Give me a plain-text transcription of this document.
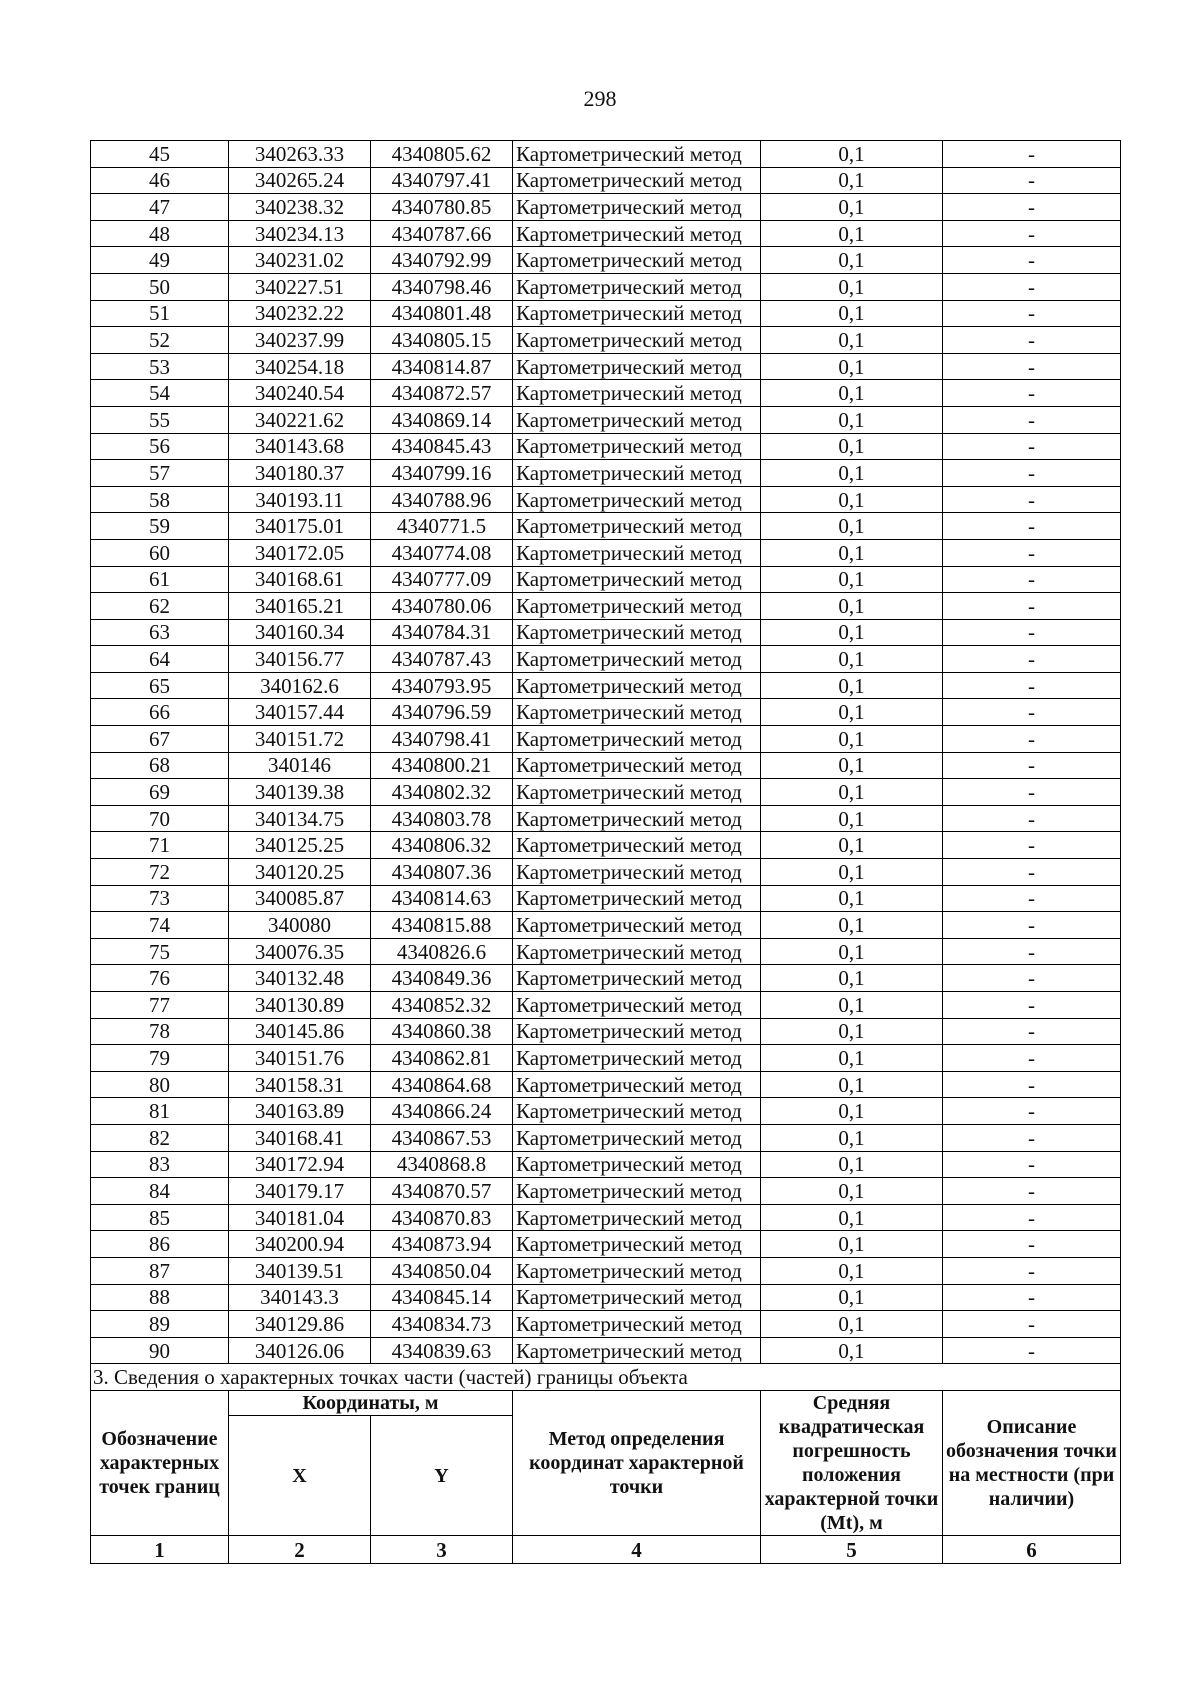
298
45	340263.33	4340805.62	Картометрический метод	0,1	-
46	340265.24	4340797.41	Картометрический метод	0,1	-
47	340238.32	4340780.85	Картометрический метод	0,1	-
48	340234.13	4340787.66	Картометрический метод	0,1	-
49	340231.02	4340792.99	Картометрический метод	0,1	-
50	340227.51	4340798.46	Картометрический метод	0,1	-
51	340232.22	4340801.48	Картометрический метод	0,1	-
52	340237.99	4340805.15	Картометрический метод	0,1	-
53	340254.18	4340814.87	Картометрический метод	0,1	-
54	340240.54	4340872.57	Картометрический метод	0,1	-
55	340221.62	4340869.14	Картометрический метод	0,1	-
56	340143.68	4340845.43	Картометрический метод	0,1	-
57	340180.37	4340799.16	Картометрический метод	0,1	-
58	340193.11	4340788.96	Картометрический метод	0,1	-
59	340175.01	4340771.5	Картометрический метод	0,1	-
60	340172.05	4340774.08	Картометрический метод	0,1	-
61	340168.61	4340777.09	Картометрический метод	0,1	-
62	340165.21	4340780.06	Картометрический метод	0,1	-
63	340160.34	4340784.31	Картометрический метод	0,1	-
64	340156.77	4340787.43	Картометрический метод	0,1	-
65	340162.6	4340793.95	Картометрический метод	0,1	-
66	340157.44	4340796.59	Картометрический метод	0,1	-
67	340151.72	4340798.41	Картометрический метод	0,1	-
68	340146	4340800.21	Картометрический метод	0,1	-
69	340139.38	4340802.32	Картометрический метод	0,1	-
70	340134.75	4340803.78	Картометрический метод	0,1	-
71	340125.25	4340806.32	Картометрический метод	0,1	-
72	340120.25	4340807.36	Картометрический метод	0,1	-
73	340085.87	4340814.63	Картометрический метод	0,1	-
74	340080	4340815.88	Картометрический метод	0,1	-
75	340076.35	4340826.6	Картометрический метод	0,1	-
76	340132.48	4340849.36	Картометрический метод	0,1	-
77	340130.89	4340852.32	Картометрический метод	0,1	-
78	340145.86	4340860.38	Картометрический метод	0,1	-
79	340151.76	4340862.81	Картометрический метод	0,1	-
80	340158.31	4340864.68	Картометрический метод	0,1	-
81	340163.89	4340866.24	Картометрический метод	0,1	-
82	340168.41	4340867.53	Картометрический метод	0,1	-
83	340172.94	4340868.8	Картометрический метод	0,1	-
84	340179.17	4340870.57	Картометрический метод	0,1	-
85	340181.04	4340870.83	Картометрический метод	0,1	-
86	340200.94	4340873.94	Картометрический метод	0,1	-
87	340139.51	4340850.04	Картометрический метод	0,1	-
88	340143.3	4340845.14	Картометрический метод	0,1	-
89	340129.86	4340834.73	Картометрический метод	0,1	-
90	340126.06	4340839.63	Картометрический метод	0,1	-
3. Сведения о характерных точках части (частей) границы объекта					
Обозначение характерных точек границ	Координаты, м		Метод определения координат характерной точки	Средняя квадратическая погрешность положения характерной точки (Mt), м	Описание обозначения точки на местности (при наличии)
	X	Y			
1	2	3	4	5	6
